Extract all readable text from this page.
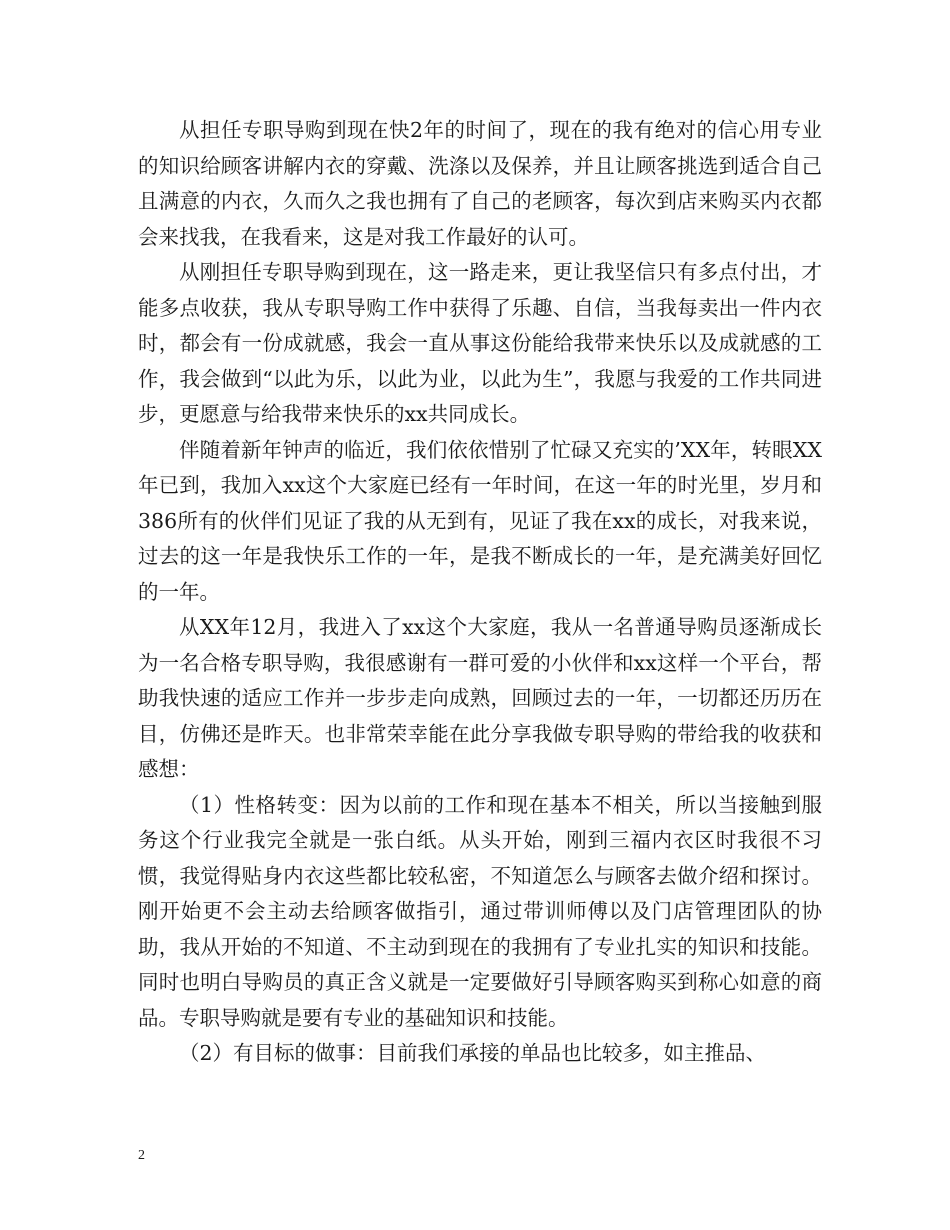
从担任专职导购到现在快2年的时间了，现在的我有绝对的信心用专业的知识给顾客讲解内衣的穿戴、洗涤以及保养，并且让顾客挑选到适合自己且满意的内衣，久而久之我也拥有了自己的老顾客，每次到店来购买内衣都会来找我，在我看来，这是对我工作最好的认可。

从刚担任专职导购到现在，这一路走来，更让我坚信只有多点付出，才能多点收获，我从专职导购工作中获得了乐趣、自信，当我每卖出一件内衣时，都会有一份成就感，我会一直从事这份能给我带来快乐以及成就感的工作，我会做到“以此为乐，以此为业，以此为生”，我愿与我爱的工作共同进步，更愿意与给我带来快乐的xx共同成长。

伴随着新年钟声的临近，我们依依惜别了忙碌又充实的’XX年，转眼XX年已到，我加入xx这个大家庭已经有一年时间，在这一年的时光里，岁月和386所有的伙伴们见证了我的从无到有，见证了我在xx的成长，对我来说，过去的这一年是我快乐工作的一年，是我不断成长的一年，是充满美好回忆的一年。

从XX年12月，我进入了xx这个大家庭，我从一名普通导购员逐渐成长为一名合格专职导购，我很感谢有一群可爱的小伙伴和xx这样一个平台，帮助我快速的适应工作并一步步走向成熟，回顾过去的一年，一切都还历历在目，仿佛还是昨天。也非常荣幸能在此分享我做专职导购的带给我的收获和感想：

（1）性格转变：因为以前的工作和现在基本不相关，所以当接触到服务这个行业我完全就是一张白纸。从头开始，刚到三福内衣区时我很不习惯，我觉得贴身内衣这些都比较私密，不知道怎么与顾客去做介绍和探讨。刚开始更不会主动去给顾客做指引，通过带训师傅以及门店管理团队的协助，我从开始的不知道、不主动到现在的我拥有了专业扎实的知识和技能。同时也明白导购员的真正含义就是一定要做好引导顾客购买到称心如意的商品。专职导购就是要有专业的基础知识和技能。

（2）有目标的做事：目前我们承接的单品也比较多，如主推品、

2
